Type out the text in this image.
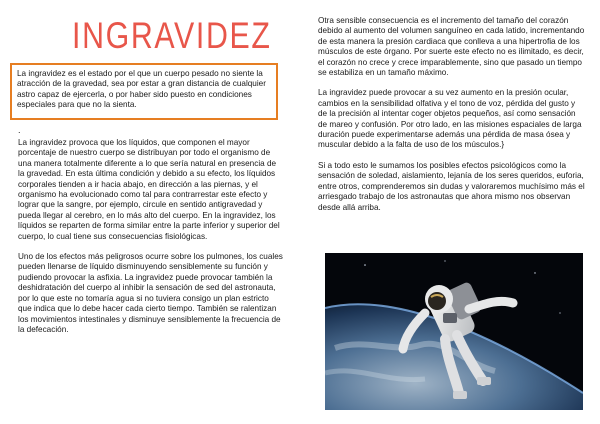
INGRAVIDEZ

La ingravidez es el estado por el que un cuerpo pesado no siente la atracción de la gravedad, sea por estar a gran distancia de cualquier astro capaz de ejercerla, o por haber sido puesto en condiciones especiales para que no la sienta.

.

La ingravidez provoca que los líquidos, que componen el mayor porcentaje de nuestro cuerpo se distribuyan por todo el organismo de una manera totalmente diferente a lo que sería natural en presencia de la gravedad. En esta última condición y debido a su efecto, los líquidos corporales tienden a ir hacia abajo, en dirección a las piernas, y el organismo ha evolucionado como tal para contrarrestar este efecto y lograr que la sangre, por ejemplo, circule en sentido antigravedad y pueda llegar al cerebro, en lo más alto del cuerpo. En la ingravidez, los líquidos se reparten de forma similar entre la parte inferior y superior del cuerpo, lo cual tiene sus consecuencias fisiológicas.

Uno de los efectos más peligrosos ocurre sobre los pulmones, los cuales pueden llenarse de líquido disminuyendo sensiblemente su función y pudiendo provocar la asfixia. La ingravidez puede provocar también la deshidratación del cuerpo al inhibir la sensación de sed del astronauta, por lo que este no tomaría agua si no tuviera consigo un plan estricto que indica que lo debe hacer cada cierto tiempo. También se ralentizan los movimientos intestinales y disminuye sensiblemente la frecuencia de la defecación.

Otra sensible consecuencia es el incremento del tamaño del corazón debido al aumento del volumen sanguíneo en cada latido, incrementando de esta manera la presión cardiaca que conlleva a una hipertrofia de los músculos de este órgano. Por suerte este efecto no es ilimitado, es decir, el corazón no crece y crece imparablemente, sino que pasado un tiempo se estabiliza en un tamaño máximo.

La ingravidez puede provocar a su vez aumento en la presión ocular, cambios en la sensibilidad olfativa y el tono de voz, pérdida del gusto y de la precisión al intentar coger objetos pequeños, así como sensación de mareo y confusión. Por otro lado, en las misiones espaciales de larga duración puede experimentarse además una pérdida de masa ósea y muscular debido a la falta de uso de los músculos.}

Si a todo esto le sumamos los posibles efectos psicológicos como la sensación de soledad, aislamiento, lejanía de los seres queridos, euforia, entre otros, comprenderemos sin dudas y valoraremos muchísimo más el arriesgado trabajo de los astronautas que ahora mismo nos observan desde allá arriba.
